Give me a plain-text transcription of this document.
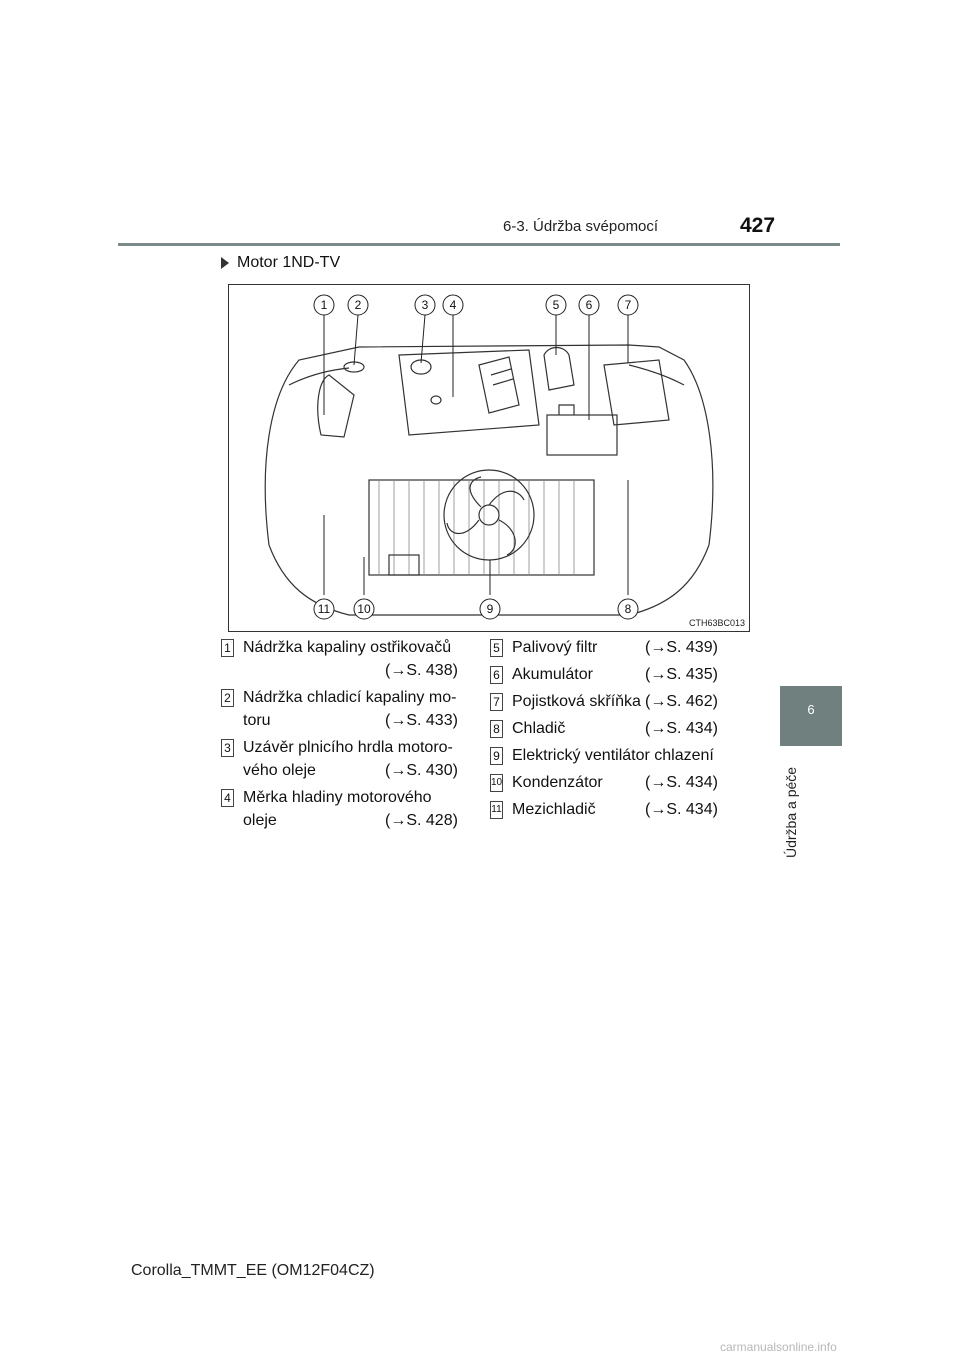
6-3. Údržba svépomocí	427
6
Údržba a péče
Motor 1ND-TV
1 2	3 4	5 6	7
8
9
10
11
CTH63BC013
1 Nádržka kapaliny ostřikovačů
(→S. 438)
2 Nádržka chladicí kapaliny mo-
toru	(→S. 433)
3 Uzávěr plnicího hrdla motoro-
vého oleje	(→S. 430)
4 Měrka hladiny motorového
oleje	(→S. 428)
5 Palivový filtr	(→S. 439)
6 Akumulátor	(→S. 435)
7 Pojistková skříňka (→S. 462)
8 Chladič	(→S. 434)
9 Elektrický ventilátor chlazení
10 Kondenzátor	(→S. 434)
11 Mezichladič	(→S. 434)
Corolla_TMMT_EE (OM12F04CZ)
carmanualsonline.info
